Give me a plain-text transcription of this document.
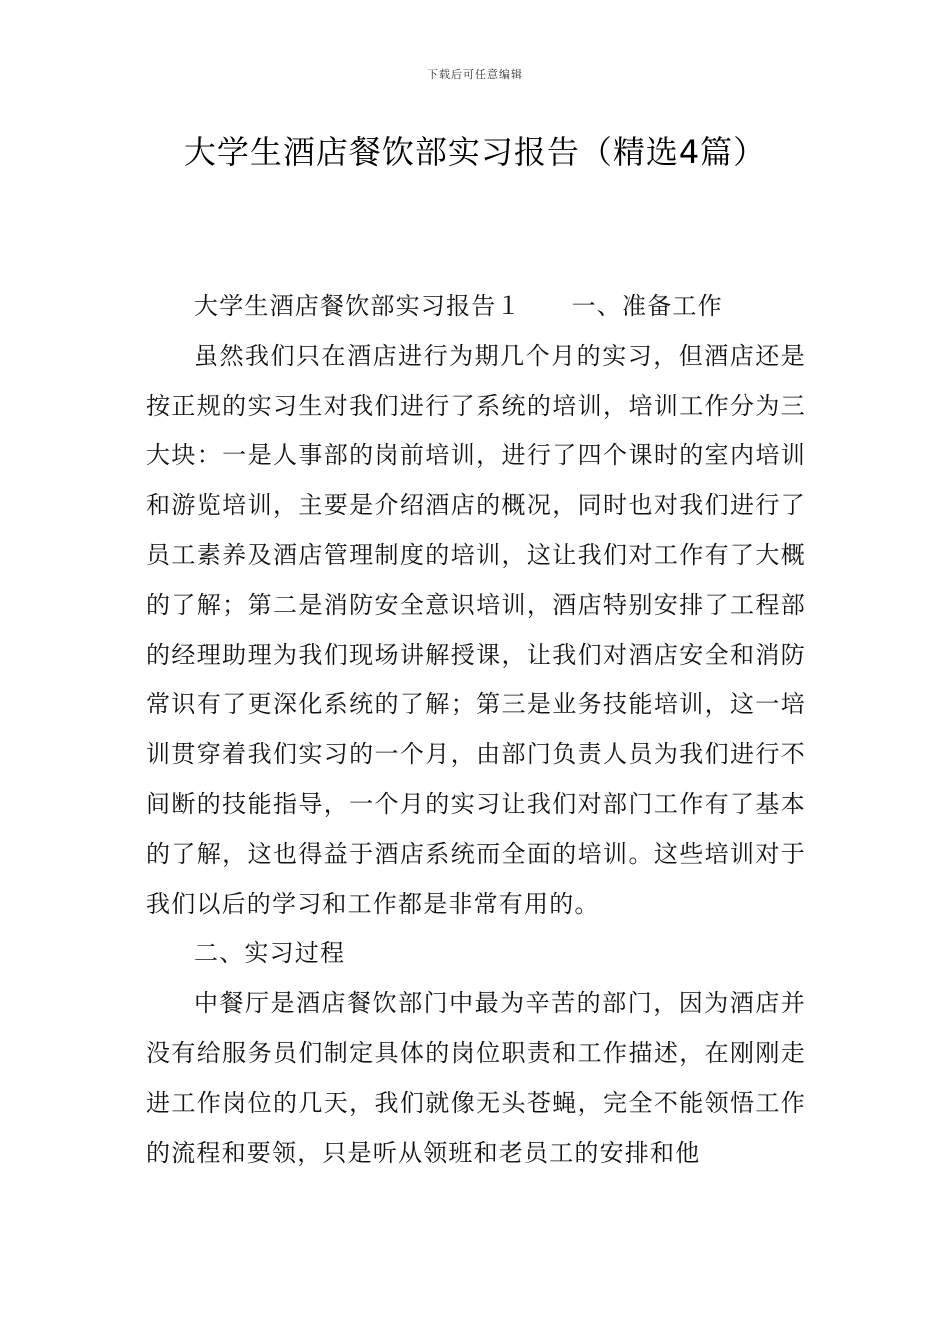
下载后可任意编辑
大学生酒店餐饮部实习报告（精选4篇）

大学生酒店餐饮部实习报告１ 一、准备工作

虽然我们只在酒店进行为期几个月的实习，但酒店还是按正规的实习生对我们进行了系统的培训，培训工作分为三大块：一是人事部的岗前培训，进行了四个课时的室内培训和游览培训，主要是介绍酒店的概况，同时也对我们进行了员工素养及酒店管理制度的培训，这让我们对工作有了大概的了解；第二是消防安全意识培训，酒店特别安排了工程部的经理助理为我们现场讲解授课，让我们对酒店安全和消防常识有了更深化系统的了解；第三是业务技能培训，这一培训贯穿着我们实习的一个月，由部门负责人员为我们进行不间断的技能指导，一个月的实习让我们对部门工作有了基本的了解，这也得益于酒店系统而全面的培训。这些培训对于我们以后的学习和工作都是非常有用的。

二、实习过程

中餐厅是酒店餐饮部门中最为辛苦的部门，因为酒店并没有给服务员们制定具体的岗位职责和工作描述，在刚刚走进工作岗位的几天，我们就像无头苍蝇，完全不能领悟工作的流程和要领，只是听从领班和老员工的安排和他
